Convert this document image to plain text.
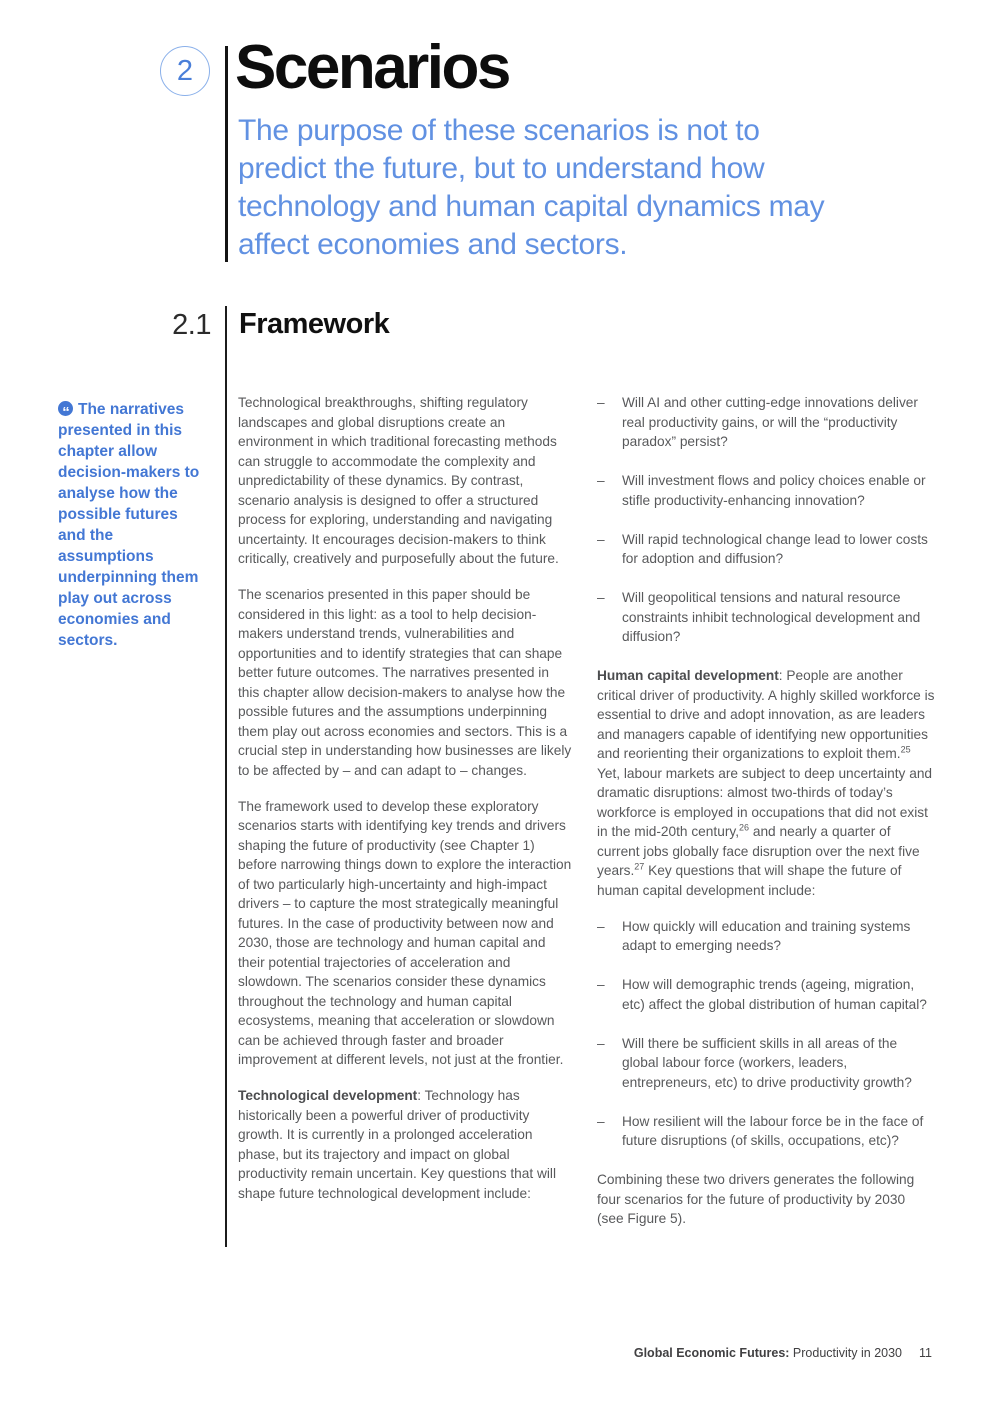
2 Scenarios

The purpose of these scenarios is not to predict the future, but to understand how technology and human capital dynamics may affect economies and sectors.

2.1 Framework
“ The narratives presented in this chapter allow decision-makers to analyse how the possible futures and the assumptions underpinning them play out across economies and sectors.

Technological breakthroughs, shifting regulatory landscapes and global disruptions create an environment in which traditional forecasting methods can struggle to accommodate the complexity and unpredictability of these dynamics. By contrast, scenario analysis is designed to offer a structured process for exploring, understanding and navigating uncertainty. It encourages decision-makers to think critically, creatively and purposefully about the future.

The scenarios presented in this paper should be considered in this light: as a tool to help decision-makers understand trends, vulnerabilities and opportunities and to identify strategies that can shape better future outcomes. The narratives presented in this chapter allow decision-makers to analyse how the possible futures and the assumptions underpinning them play out across economies and sectors. This is a crucial step in understanding how businesses are likely to be affected by – and can adapt to – changes.

The framework used to develop these exploratory scenarios starts with identifying key trends and drivers shaping the future of productivity (see Chapter 1) before narrowing things down to explore the interaction of two particularly high-uncertainty and high-impact drivers – to capture the most strategically meaningful futures. In the case of productivity between now and 2030, those are technology and human capital and their potential trajectories of acceleration and slowdown. The scenarios consider these dynamics throughout the technology and human capital ecosystems, meaning that acceleration or slowdown can be achieved through faster and broader improvement at different levels, not just at the frontier.

Technological development: Technology has historically been a powerful driver of productivity growth. It is currently in a prolonged acceleration phase, but its trajectory and impact on global productivity remain uncertain. Key questions that will shape future technological development include:

–	Will AI and other cutting-edge innovations deliver real productivity gains, or will the “productivity paradox” persist?
–	Will investment flows and policy choices enable or stifle productivity-enhancing innovation?
–	Will rapid technological change lead to lower costs for adoption and diffusion?
–	Will geopolitical tensions and natural resource constraints inhibit technological development and diffusion?

Human capital development: People are another critical driver of productivity. A highly skilled workforce is essential to drive and adopt innovation, as are leaders and managers capable of identifying new opportunities and reorienting their organizations to exploit them.$^{25}$ Yet, labour markets are subject to deep uncertainty and dramatic disruptions: almost two-thirds of today’s workforce is employed in occupations that did not exist in the mid-20th century,$^{26}$ and nearly a quarter of current jobs globally face disruption over the next five years.$^{27}$ Key questions that will shape the future of human capital development include:

–	How quickly will education and training systems adapt to emerging needs?
–	How will demographic trends (ageing, migration, etc) affect the global distribution of human capital?
–	Will there be sufficient skills in all areas of the global labour force (workers, leaders, entrepreneurs, etc) to drive productivity growth?
–	How resilient will the labour force be in the face of future disruptions (of skills, occupations, etc)?

Combining these two drivers generates the following four scenarios for the future of productivity by 2030 (see Figure 5).

Global Economic Futures: Productivity in 2030 11
